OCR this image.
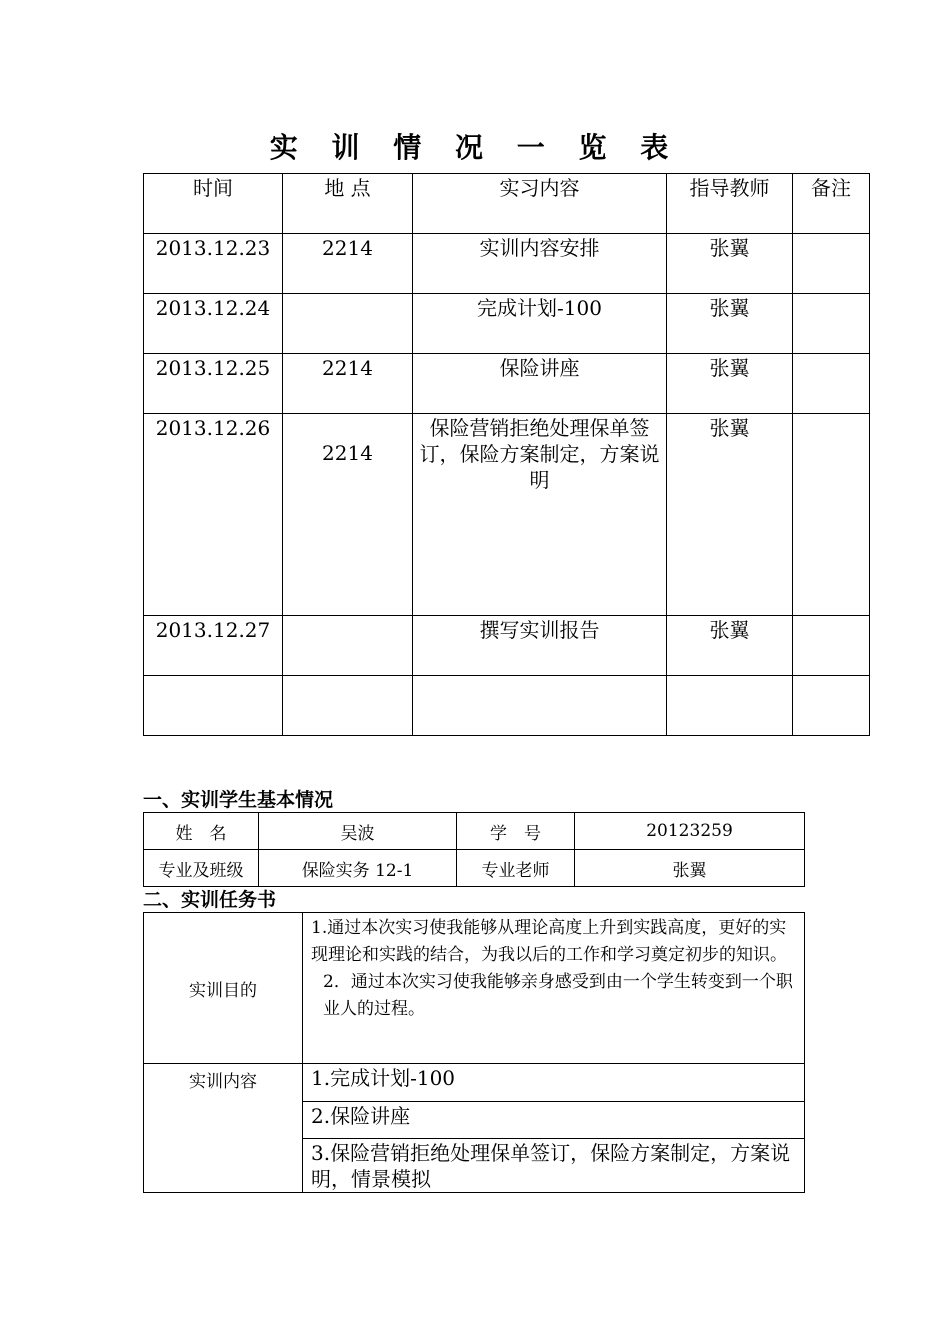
实 训 情 况 一 览 表
时间	地 点	实习内容	指导教师	备注
2013.12.23	2214	实训内容安排	张翼	
2013.12.24		完成计划-100	张翼	
2013.12.25	2214	保险讲座	张翼	
2013.12.26	2214	保险营销拒绝处理保单签订，保险方案制定，方案说明	张翼	
2013.12.27		撰写实训报告	张翼	

一、实训学生基本情况
姓　名	吴波	学　号	20123259
专业及班级	保险实务 12-1	专业老师	张翼
二、实训任务书
实训目的	1.通过本次实习使我能够从理论高度上升到实践高度，更好的实现理论和实践的结合，为我以后的工作和学习奠定初步的知识。
2．通过本次实习使我能够亲身感受到由一个学生转变到一个职业人的过程。

实训内容	1.完成计划-100
	2.保险讲座
	3.保险营销拒绝处理保单签订，保险方案制定，方案说明，情景模拟
